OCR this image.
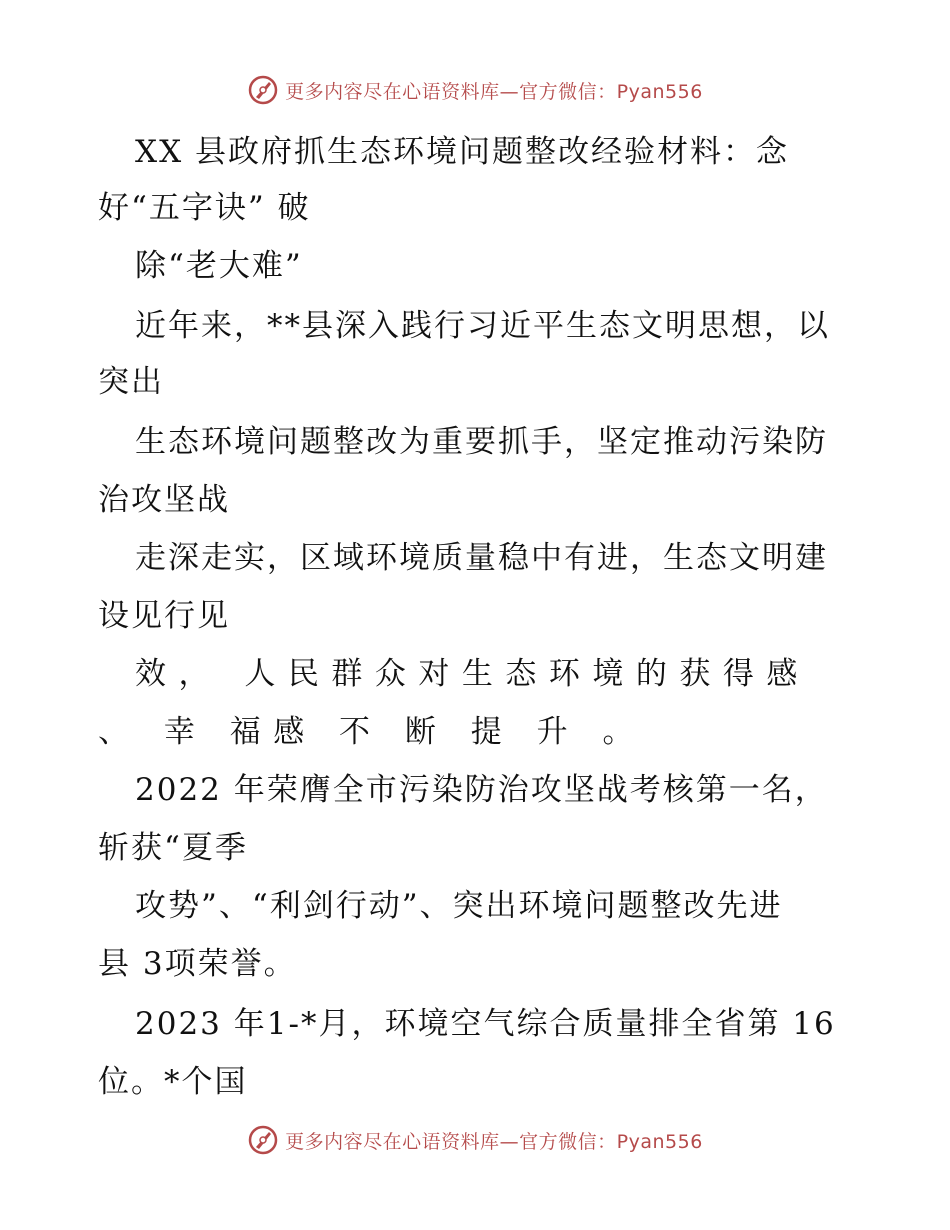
更多内容尽在心语资料库—官方微信：Pyan556
XX 县政府抓生态环境问题整改经验材料：念
好“五字诀” 破
除“老大难”
近年来，**县深入践行习近平生态文明思想，以
突出
生态环境问题整改为重要抓手，坚定推动污染防
治攻坚战
走深走实，区域环境质量稳中有进，生态文明建
设见行见
效， 人民群众对生态环境的获得感
、 幸 福感 不 断 提 升 。
2022 年荣膺全市污染防治攻坚战考核第一名，
斩获“夏季
攻势”、“利剑行动”、突出环境问题整改先进
县 3项荣誉。
2023 年1-*月，环境空气综合质量排全省第 16
位。*个国
更多内容尽在心语资料库—官方微信：Pyan556
